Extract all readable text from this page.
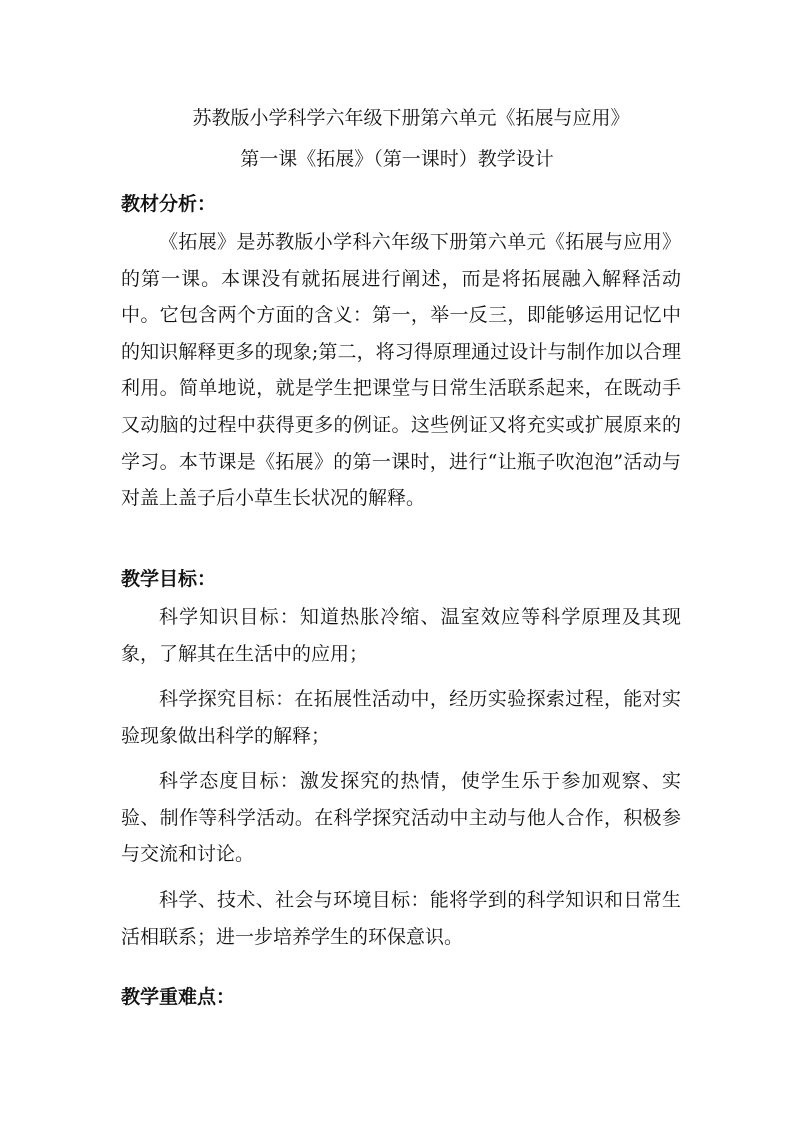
苏教版小学科学六年级下册第六单元《拓展与应用》
第一课《拓展》（第一课时）教学设计
教材分析：

《拓展》是苏教版小学科六年级下册第六单元《拓展与应用》的第一课。本课没有就拓展进行阐述，而是将拓展融入解释活动中。它包含两个方面的含义：第一，举一反三，即能够运用记忆中的知识解释更多的现象;第二，将习得原理通过设计与制作加以合理利用。简单地说，就是学生把课堂与日常生活联系起来，在既动手又动脑的过程中获得更多的例证。这些例证又将充实或扩展原来的学习。本节课是《拓展》的第一课时，进行“让瓶子吹泡泡”活动与对盖上盖子后小草生长状况的解释。

教学目标：

科学知识目标：知道热胀冷缩、温室效应等科学原理及其现象，了解其在生活中的应用；

科学探究目标：在拓展性活动中，经历实验探索过程，能对实验现象做出科学的解释；

科学态度目标：激发探究的热情，使学生乐于参加观察、实验、制作等科学活动。在科学探究活动中主动与他人合作，积极参与交流和讨论。

科学、技术、社会与环境目标：能将学到的科学知识和日常生活相联系；进一步培养学生的环保意识。

教学重难点：
